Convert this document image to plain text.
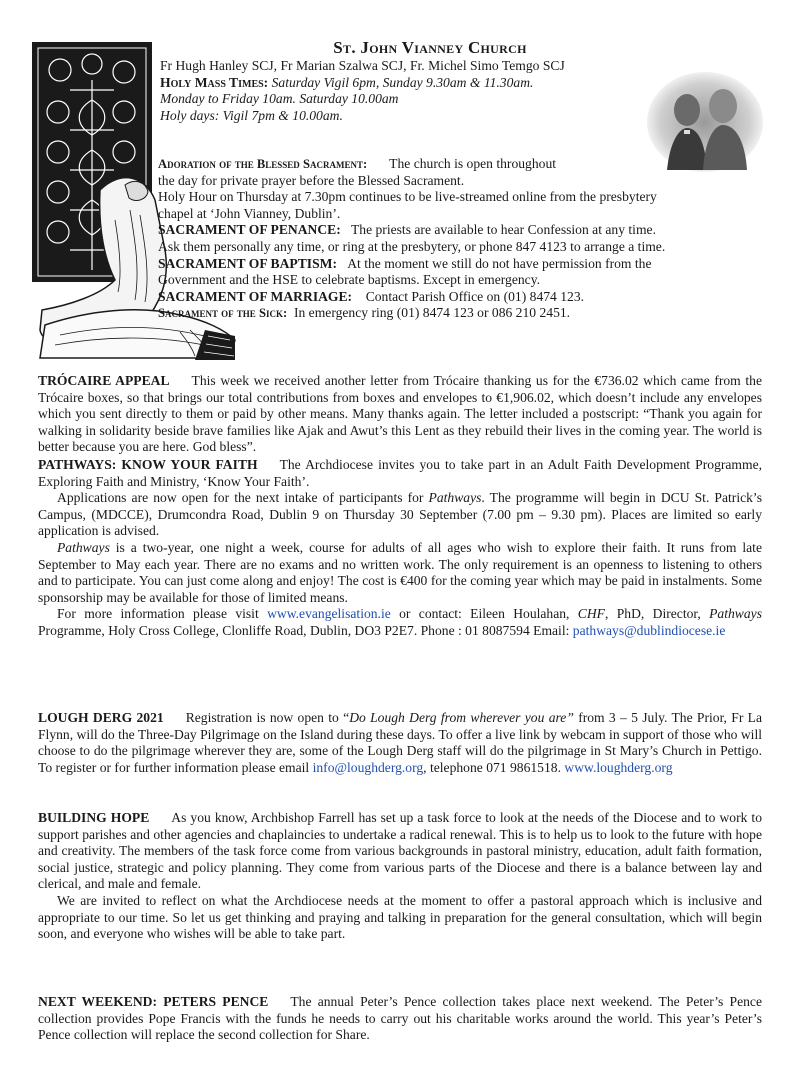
St. John Vianney Church
Fr Hugh Hanley SCJ, Fr Marian Szalwa SCJ, Fr. Michel Simo Temgo SCJ
Holy Mass Times: Saturday Vigil 6pm, Sunday 9.30am & 11.30am.
Monday to Friday 10am. Saturday 10.00am
Holy days: Vigil 7pm & 10.00am.
Adoration of the Blessed Sacrament: The church is open throughout
the day for private prayer before the Blessed Sacrament.
Holy Hour on Thursday at 7.30pm continues to be live-streamed online from the presbytery
chapel at ‘John Vianney, Dublin’.
SACRAMENT OF PENANCE: The priests are available to hear Confession at any time.
Ask them personally any time, or ring at the presbytery, or phone 847 4123 to arrange a time.
SACRAMENT OF BAPTISM: At the moment we still do not have permission from the
Government and the HSE to celebrate baptisms. Except in emergency.
SACRAMENT OF MARRIAGE: Contact Parish Office on (01) 8474 123.
Sacrament of the Sick: In emergency ring (01) 8474 123 or 086 210 2451.

TRÓCAIRE APPEAL This week we received another letter from Trócaire thanking us for the €736.02 which came from the Trócaire boxes, so that brings our total contributions from boxes and envelopes to €1,906.02, which doesn’t include any envelopes which you sent directly to them or paid by other means. Many thanks again. The letter included a postscript: “Thank you again for walking in solidarity beside brave families like Ajak and Awut’s this Lent as they rebuild their lives in the coming year. The world is better because you are here. God bless”.

PATHWAYS: KNOW YOUR FAITH The Archdiocese invites you to take part in an Adult Faith Development Programme, Exploring Faith and Ministry, ‘Know Your Faith’.

Applications are now open for the next intake of participants for Pathways. The programme will begin in DCU St. Patrick’s Campus, (MDCCE), Drumcondra Road, Dublin 9 on Thursday 30 September (7.00 pm – 9.30 pm). Places are limited so early application is advised.

Pathways is a two-year, one night a week, course for adults of all ages who wish to explore their faith. It runs from late September to May each year. There are no exams and no written work. The only requirement is an openness to listening to others and to participate. You can just come along and enjoy! The cost is €400 for the coming year which may be paid in instalments. Some sponsorship may be available for those of limited means.

For more information please visit www.evangelisation.ie or contact: Eileen Houlahan, CHF, PhD, Director, Pathways Programme, Holy Cross College, Clonliffe Road, Dublin, DO3 P2E7. Phone : 01 8087594 Email: pathways@dublindiocese.ie

LOUGH DERG 2021 Registration is now open to “Do Lough Derg from wherever you are” from 3 – 5 July. The Prior, Fr La Flynn, will do the Three-Day Pilgrimage on the Island during these days. To offer a live link by webcam in support of those who will choose to do the pilgrimage wherever they are, some of the Lough Derg staff will do the pilgrimage in St Mary’s Church in Pettigo. To register or for further information please email info@loughderg.org, telephone 071 9861518. www.loughderg.org

BUILDING HOPE As you know, Archbishop Farrell has set up a task force to look at the needs of the Diocese and to work to support parishes and other agencies and chaplaincies to undertake a radical renewal. This is to help us to look to the future with hope and creativity. The members of the task force come from various backgrounds in pastoral ministry, education, adult faith formation, social justice, strategic and policy planning. They come from various parts of the Diocese and there is a balance between lay and clerical, and male and female.

We are invited to reflect on what the Archdiocese needs at the moment to offer a pastoral approach which is inclusive and appropriate to our time. So let us get thinking and praying and talking in preparation for the general consultation, which will begin soon, and everyone who wishes will be able to take part.

NEXT WEEKEND: PETERS PENCE The annual Peter’s Pence collection takes place next weekend. The Peter’s Pence collection provides Pope Francis with the funds he needs to carry out his charitable works around the world. This year’s Peter’s Pence collection will replace the second collection for Share.
